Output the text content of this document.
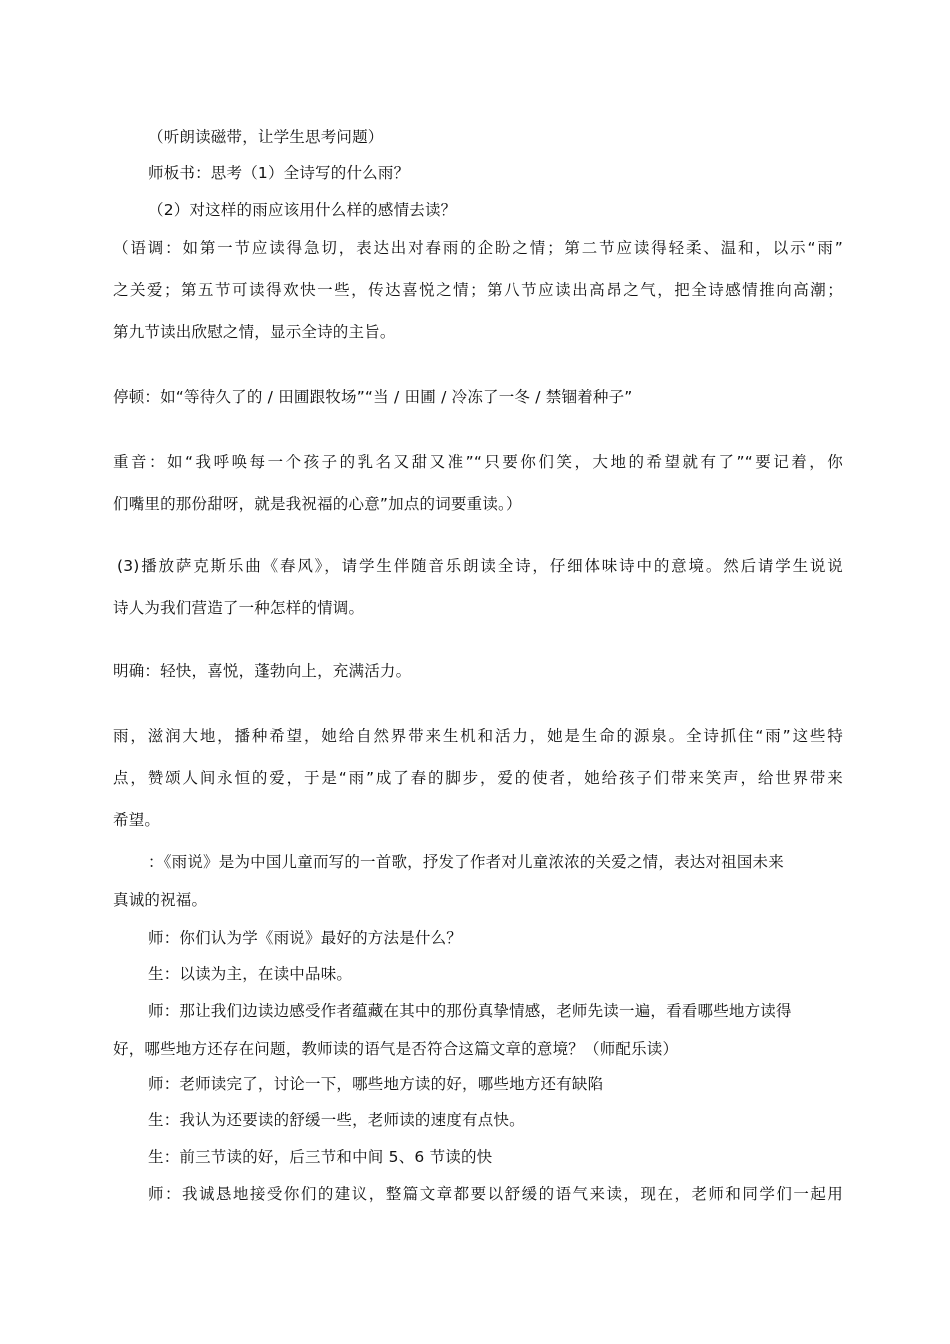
（听朗读磁带，让学生思考问题）
师板书：思考（1）全诗写的什么雨？
（2）对这样的雨应该用什么样的感情去读？
（语调：如第一节应读得急切，表达出对春雨的企盼之情；第二节应读得轻柔、温和，以示“雨”
之关爱；第五节可读得欢快一些，传达喜悦之情；第八节应读出高昂之气，把全诗感情推向高潮；
第九节读出欣慰之情，显示全诗的主旨。
停顿：如“等待久了的 / 田圃跟牧场”“当 / 田圃 / 冷冻了一冬 / 禁锢着种子”
重音：如“我呼唤每一个孩子的乳名又甜又准”“只要你们笑，大地的希望就有了”“要记着，你
们嘴里的那份甜呀，就是我祝福的心意”加点的词要重读。）
(3)播放萨克斯乐曲《春风》，请学生伴随音乐朗读全诗，仔细体味诗中的意境。然后请学生说说
诗人为我们营造了一种怎样的情调。
明确：轻快，喜悦，蓬勃向上，充满活力。
雨，滋润大地，播种希望，她给自然界带来生机和活力，她是生命的源泉。全诗抓住“雨”这些特
点，赞颂人间永恒的爱，于是“雨”成了春的脚步，爱的使者，她给孩子们带来笑声，给世界带来
希望。
：《雨说》是为中国儿童而写的一首歌，抒发了作者对儿童浓浓的关爱之情，表达对祖国未来
真诚的祝福。
师：你们认为学《雨说》最好的方法是什么？
生：以读为主，在读中品味。
师：那让我们边读边感受作者蕴藏在其中的那份真挚情感，老师先读一遍，看看哪些地方读得
好，哪些地方还存在问题，教师读的语气是否符合这篇文章的意境？（师配乐读）
师：老师读完了，讨论一下，哪些地方读的好，哪些地方还有缺陷
生：我认为还要读的舒缓一些，老师读的速度有点快。
生：前三节读的好，后三节和中间 5、6 节读的快
师：我诚恳地接受你们的建议，整篇文章都要以舒缓的语气来读，现在，老师和同学们一起用
